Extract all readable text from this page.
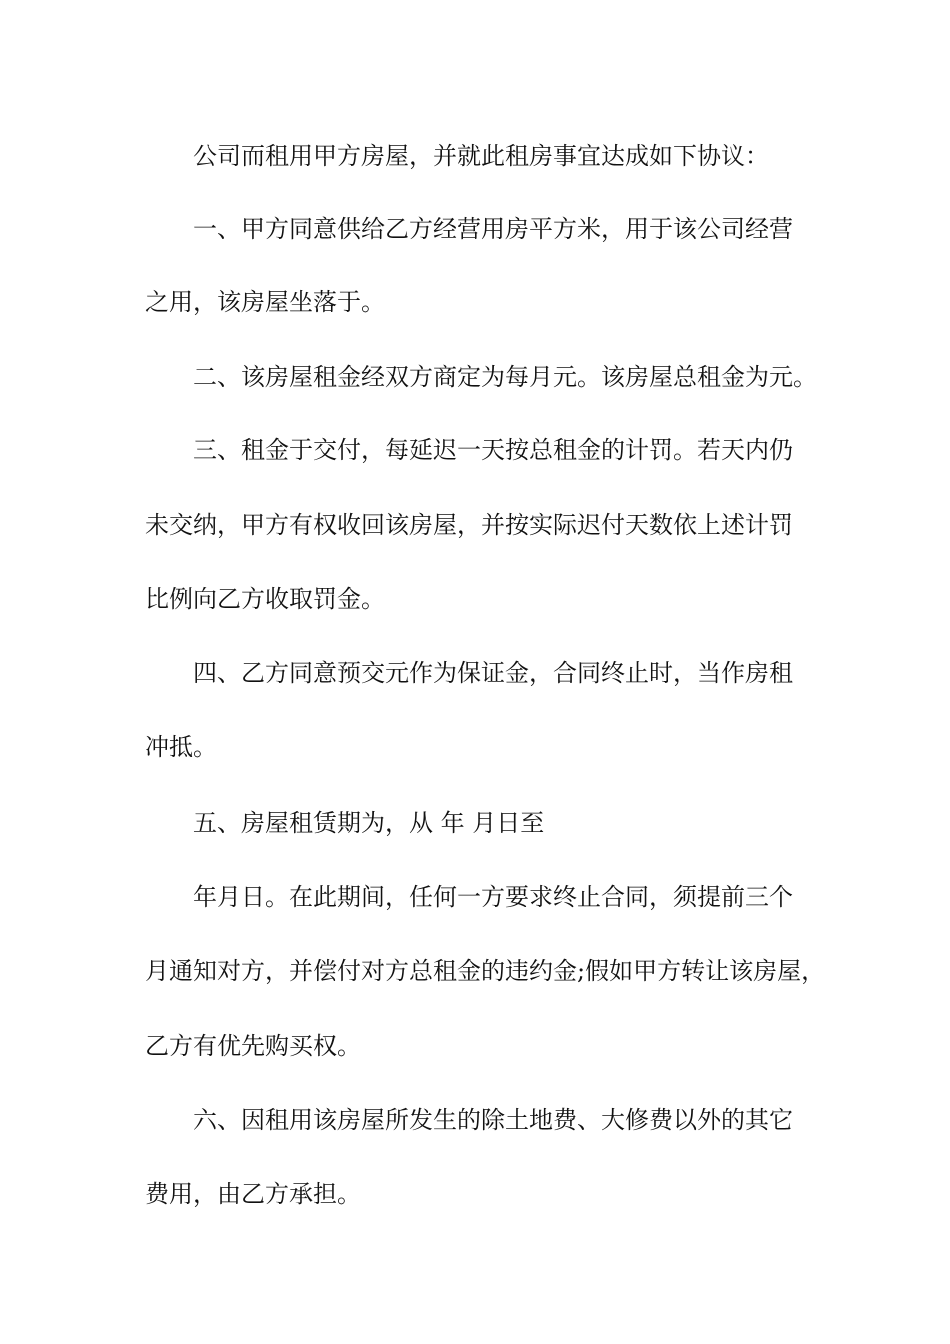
公司而租用甲方房屋，并就此租房事宜达成如下协议：
一、甲方同意供给乙方经营用房平方米，用于该公司经营
之用，该房屋坐落于。
二、该房屋租金经双方商定为每月元。该房屋总租金为元。
三、租金于交付，每延迟一天按总租金的计罚。若天内仍
未交纳，甲方有权收回该房屋，并按实际迟付天数依上述计罚
比例向乙方收取罚金。
四、乙方同意预交元作为保证金，合同终止时，当作房租
冲抵。
五、房屋租赁期为，从 年 月日至
年月日。在此期间，任何一方要求终止合同，须提前三个
月通知对方，并偿付对方总租金的违约金;假如甲方转让该房屋，
乙方有优先购买权。
六、因租用该房屋所发生的除土地费、大修费以外的其它
费用，由乙方承担。
